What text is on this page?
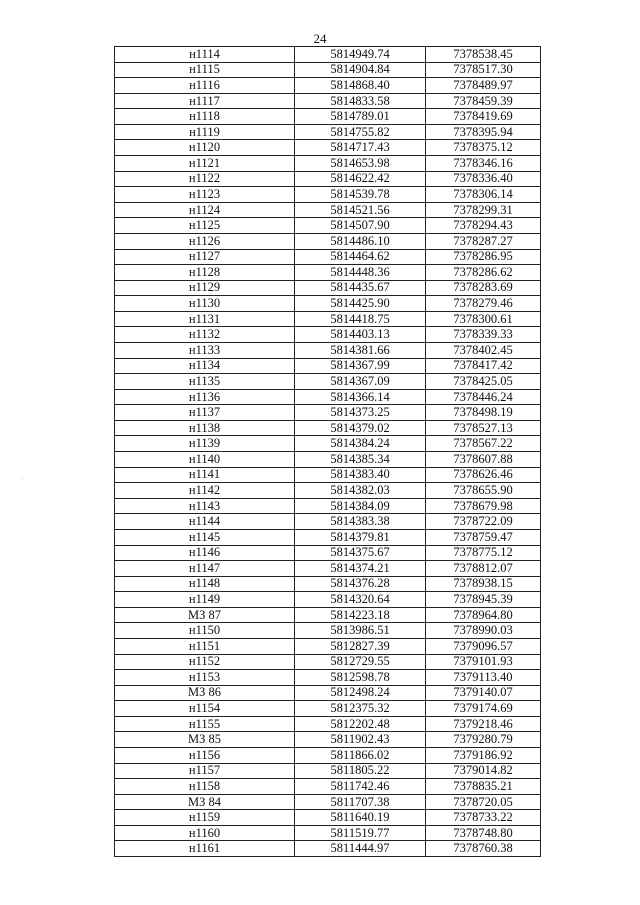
24
н1114	5814949.74	7378538.45
н1115	5814904.84	7378517.30
н1116	5814868.40	7378489.97
н1117	5814833.58	7378459.39
н1118	5814789.01	7378419.69
н1119	5814755.82	7378395.94
н1120	5814717.43	7378375.12
н1121	5814653.98	7378346.16
н1122	5814622.42	7378336.40
н1123	5814539.78	7378306.14
н1124	5814521.56	7378299.31
н1125	5814507.90	7378294.43
н1126	5814486.10	7378287.27
н1127	5814464.62	7378286.95
н1128	5814448.36	7378286.62
н1129	5814435.67	7378283.69
н1130	5814425.90	7378279.46
н1131	5814418.75	7378300.61
н1132	5814403.13	7378339.33
н1133	5814381.66	7378402.45
н1134	5814367.99	7378417.42
н1135	5814367.09	7378425.05
н1136	5814366.14	7378446.24
н1137	5814373.25	7378498.19
н1138	5814379.02	7378527.13
н1139	5814384.24	7378567.22
н1140	5814385.34	7378607.88
н1141	5814383.40	7378626.46
н1142	5814382.03	7378655.90
н1143	5814384.09	7378679.98
н1144	5814383.38	7378722.09
н1145	5814379.81	7378759.47
н1146	5814375.67	7378775.12
н1147	5814374.21	7378812.07
н1148	5814376.28	7378938.15
н1149	5814320.64	7378945.39
МЗ 87	5814223.18	7378964.80
н1150	5813986.51	7378990.03
н1151	5812827.39	7379096.57
н1152	5812729.55	7379101.93
н1153	5812598.78	7379113.40
МЗ 86	5812498.24	7379140.07
н1154	5812375.32	7379174.69
н1155	5812202.48	7379218.46
МЗ 85	5811902.43	7379280.79
н1156	5811866.02	7379186.92
н1157	5811805.22	7379014.82
н1158	5811742.46	7378835.21
МЗ 84	5811707.38	7378720.05
н1159	5811640.19	7378733.22
н1160	5811519.77	7378748.80
н1161	5811444.97	7378760.38
